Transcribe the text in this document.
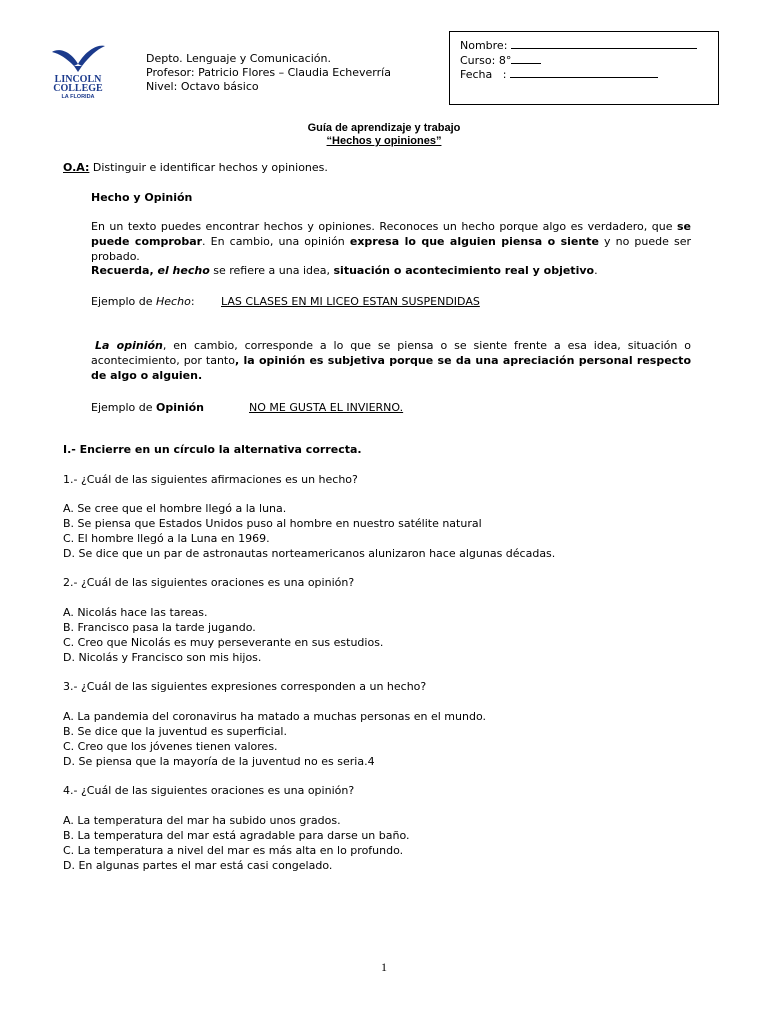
LINCOLN
COLLEGE
LA FLORIDA
Depto. Lenguaje y Comunicación.
Profesor: Patricio Flores – Claudia Echeverría
Nivel: Octavo básico
Nombre:
Curso: 8°
Fecha   :
Guía de aprendizaje y trabajo
“Hechos y opiniones”
O.A: Distinguir e identificar hechos y opiniones.
Hecho y Opinión
En un texto puedes encontrar hechos y opiniones. Reconoces un hecho porque algo es verdadero, que se puede comprobar. En cambio, una opinión expresa lo que alguien piensa o siente y no puede ser probado.
Recuerda, el hecho se refiere a una idea, situación o acontecimiento real y objetivo.
Ejemplo de Hecho: LAS CLASES EN MI LICEO ESTAN SUSPENDIDAS
La opinión, en cambio, corresponde a lo que se piensa o se siente frente a esa idea, situación o acontecimiento, por tanto, la opinión es subjetiva porque se da una apreciación personal respecto de algo o alguien.
Ejemplo de Opinión	NO ME GUSTA EL INVIERNO.
I.- Encierre en un círculo la alternativa correcta.
1.- ¿Cuál de las siguientes afirmaciones es un hecho?
A. Se cree que el hombre llegó a la luna.
B. Se piensa que Estados Unidos puso al hombre en nuestro satélite natural
C. El hombre llegó a la Luna en 1969.
D. Se dice que un par de astronautas norteamericanos alunizaron hace algunas décadas.
2.- ¿Cuál de las siguientes oraciones es una opinión?
A. Nicolás hace las tareas.
B. Francisco pasa la tarde jugando.
C. Creo que Nicolás es muy perseverante en sus estudios.
D. Nicolás y Francisco son mis hijos.
3.- ¿Cuál de las siguientes expresiones corresponden a un hecho?
A. La pandemia del coronavirus ha matado a muchas personas en el mundo.
B. Se dice que la juventud es superficial.
C. Creo que los jóvenes tienen valores.
D. Se piensa que la mayoría de la juventud no es seria.4
4.- ¿Cuál de las siguientes oraciones es una opinión?
A. La temperatura del mar ha subido unos grados.
B. La temperatura del mar está agradable para darse un baño.
C. La temperatura a nivel del mar es más alta en lo profundo.
D. En algunas partes el mar está casi congelado.
1
